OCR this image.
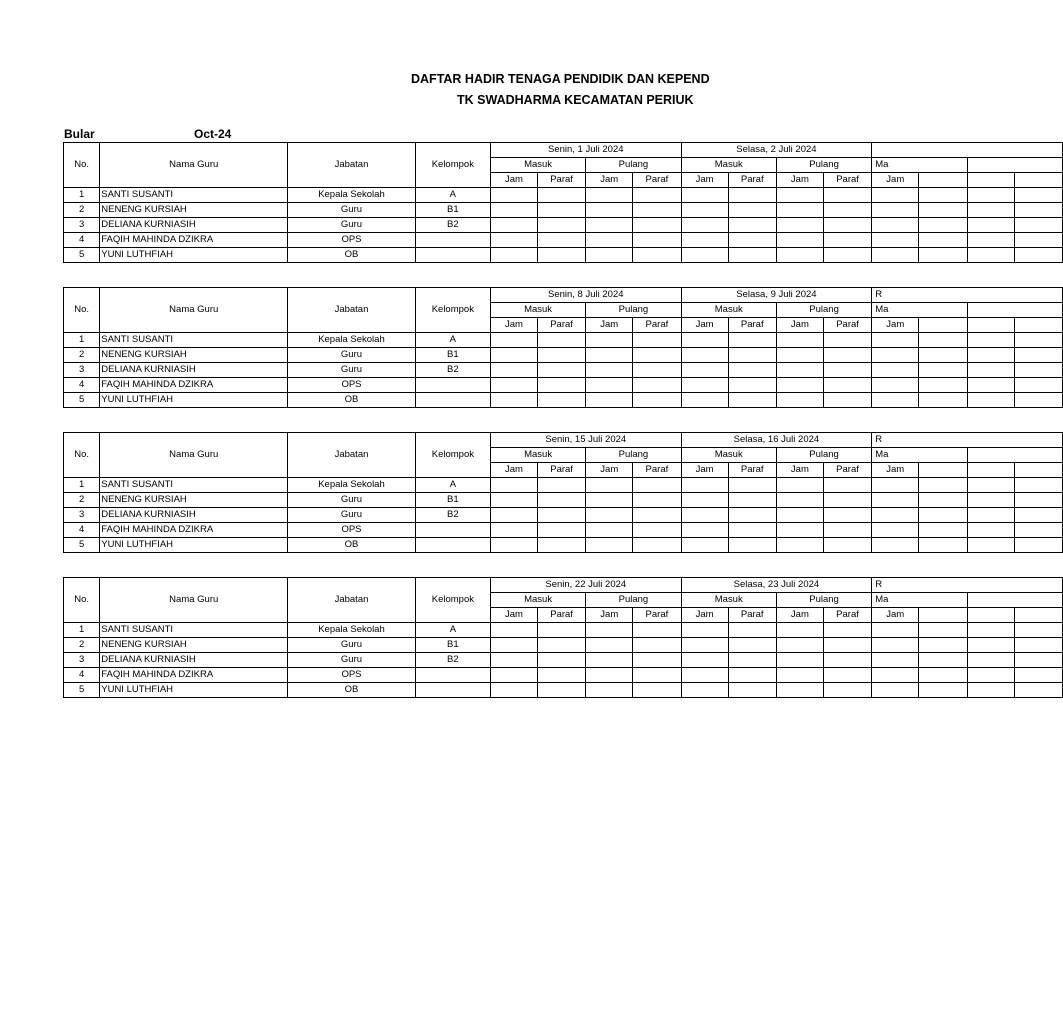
DAFTAR HADIR TENAGA PENDIDIK DAN KEPEND
TK SWADHARMA KECAMATAN PERIUK
Bular	Oct-24
No.	Nama Guru	Jabatan	Kelompok	Senin, 1 Juli 2024				Selasa, 2 Juli 2024							
				Masuk		Pulang		Masuk		Pulang		Ma			
				Jam	Paraf	Jam	Paraf	Jam	Paraf	Jam	Paraf	Jam			
1	SANTI SUSANTI	Kepala Sekolah	A												
2	NENENG KURSIAH	Guru	B1												
3	DELIANA KURNIASIH	Guru	B2												
4	FAQIH MAHINDA DZIKRA	OPS													
5	YUNI LUTHFIAH	OB													
No.	Nama Guru	Jabatan	Kelompok	Senin, 8 Juli 2024				Selasa, 9 Juli 2024				R			
				Masuk		Pulang		Masuk		Pulang		Ma			
				Jam	Paraf	Jam	Paraf	Jam	Paraf	Jam	Paraf	Jam			
1	SANTI SUSANTI	Kepala Sekolah	A												
2	NENENG KURSIAH	Guru	B1												
3	DELIANA KURNIASIH	Guru	B2												
4	FAQIH MAHINDA DZIKRA	OPS													
5	YUNI LUTHFIAH	OB													
No.	Nama Guru	Jabatan	Kelompok	Senin, 15 Juli 2024				Selasa, 16 Juli 2024				R			
				Masuk		Pulang		Masuk		Pulang		Ma			
				Jam	Paraf	Jam	Paraf	Jam	Paraf	Jam	Paraf	Jam			
1	SANTI SUSANTI	Kepala Sekolah	A												
2	NENENG KURSIAH	Guru	B1												
3	DELIANA KURNIASIH	Guru	B2												
4	FAQIH MAHINDA DZIKRA	OPS													
5	YUNI LUTHFIAH	OB													
No.	Nama Guru	Jabatan	Kelompok	Senin, 22 Juli 2024				Selasa, 23 Juli 2024				R			
				Masuk		Pulang		Masuk		Pulang		Ma			
				Jam	Paraf	Jam	Paraf	Jam	Paraf	Jam	Paraf	Jam			
1	SANTI SUSANTI	Kepala Sekolah	A												
2	NENENG KURSIAH	Guru	B1												
3	DELIANA KURNIASIH	Guru	B2												
4	FAQIH MAHINDA DZIKRA	OPS													
5	YUNI LUTHFIAH	OB													
